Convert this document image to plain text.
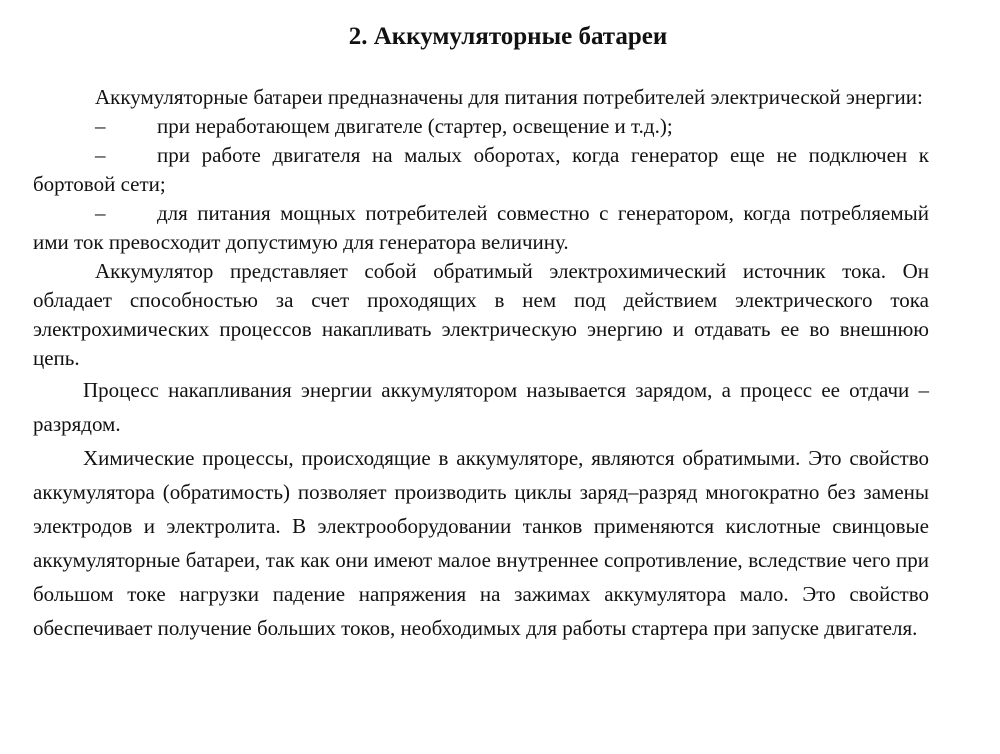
2. Аккумуляторные батареи

Аккумуляторные батареи предназначены для питания потребителей электрической энергии:

– при неработающем двигателе (стартер, освещение и т.д.);

– при работе двигателя на малых оборотах, когда генератор еще не подключен к бортовой сети;

– для питания мощных потребителей совместно с генератором, когда потребляемый ими ток превосходит допустимую для генератора величину.

Аккумулятор представляет собой обратимый электрохимический источник тока. Он обладает способностью за счет проходящих в нем под действием электрического тока электрохимических процессов накапливать электрическую энергию и отдавать ее во внешнюю цепь.

Процесс накапливания энергии аккумулятором называется зарядом, а процесс ее отдачи – разрядом.

Химические процессы, происходящие в аккумуляторе, являются обратимыми. Это свойство аккумулятора (обратимость) позволяет производить циклы заряд–разряд многократно без замены электродов и электролита. В электрооборудовании танков применяются кислотные свинцовые аккумуляторные батареи, так как они имеют малое внутреннее сопротивление, вследствие чего при большом токе нагрузки падение напряжения на зажимах аккумулятора мало. Это свойство обеспечивает получение больших токов, необходимых для работы стартера при запуске двигателя.
